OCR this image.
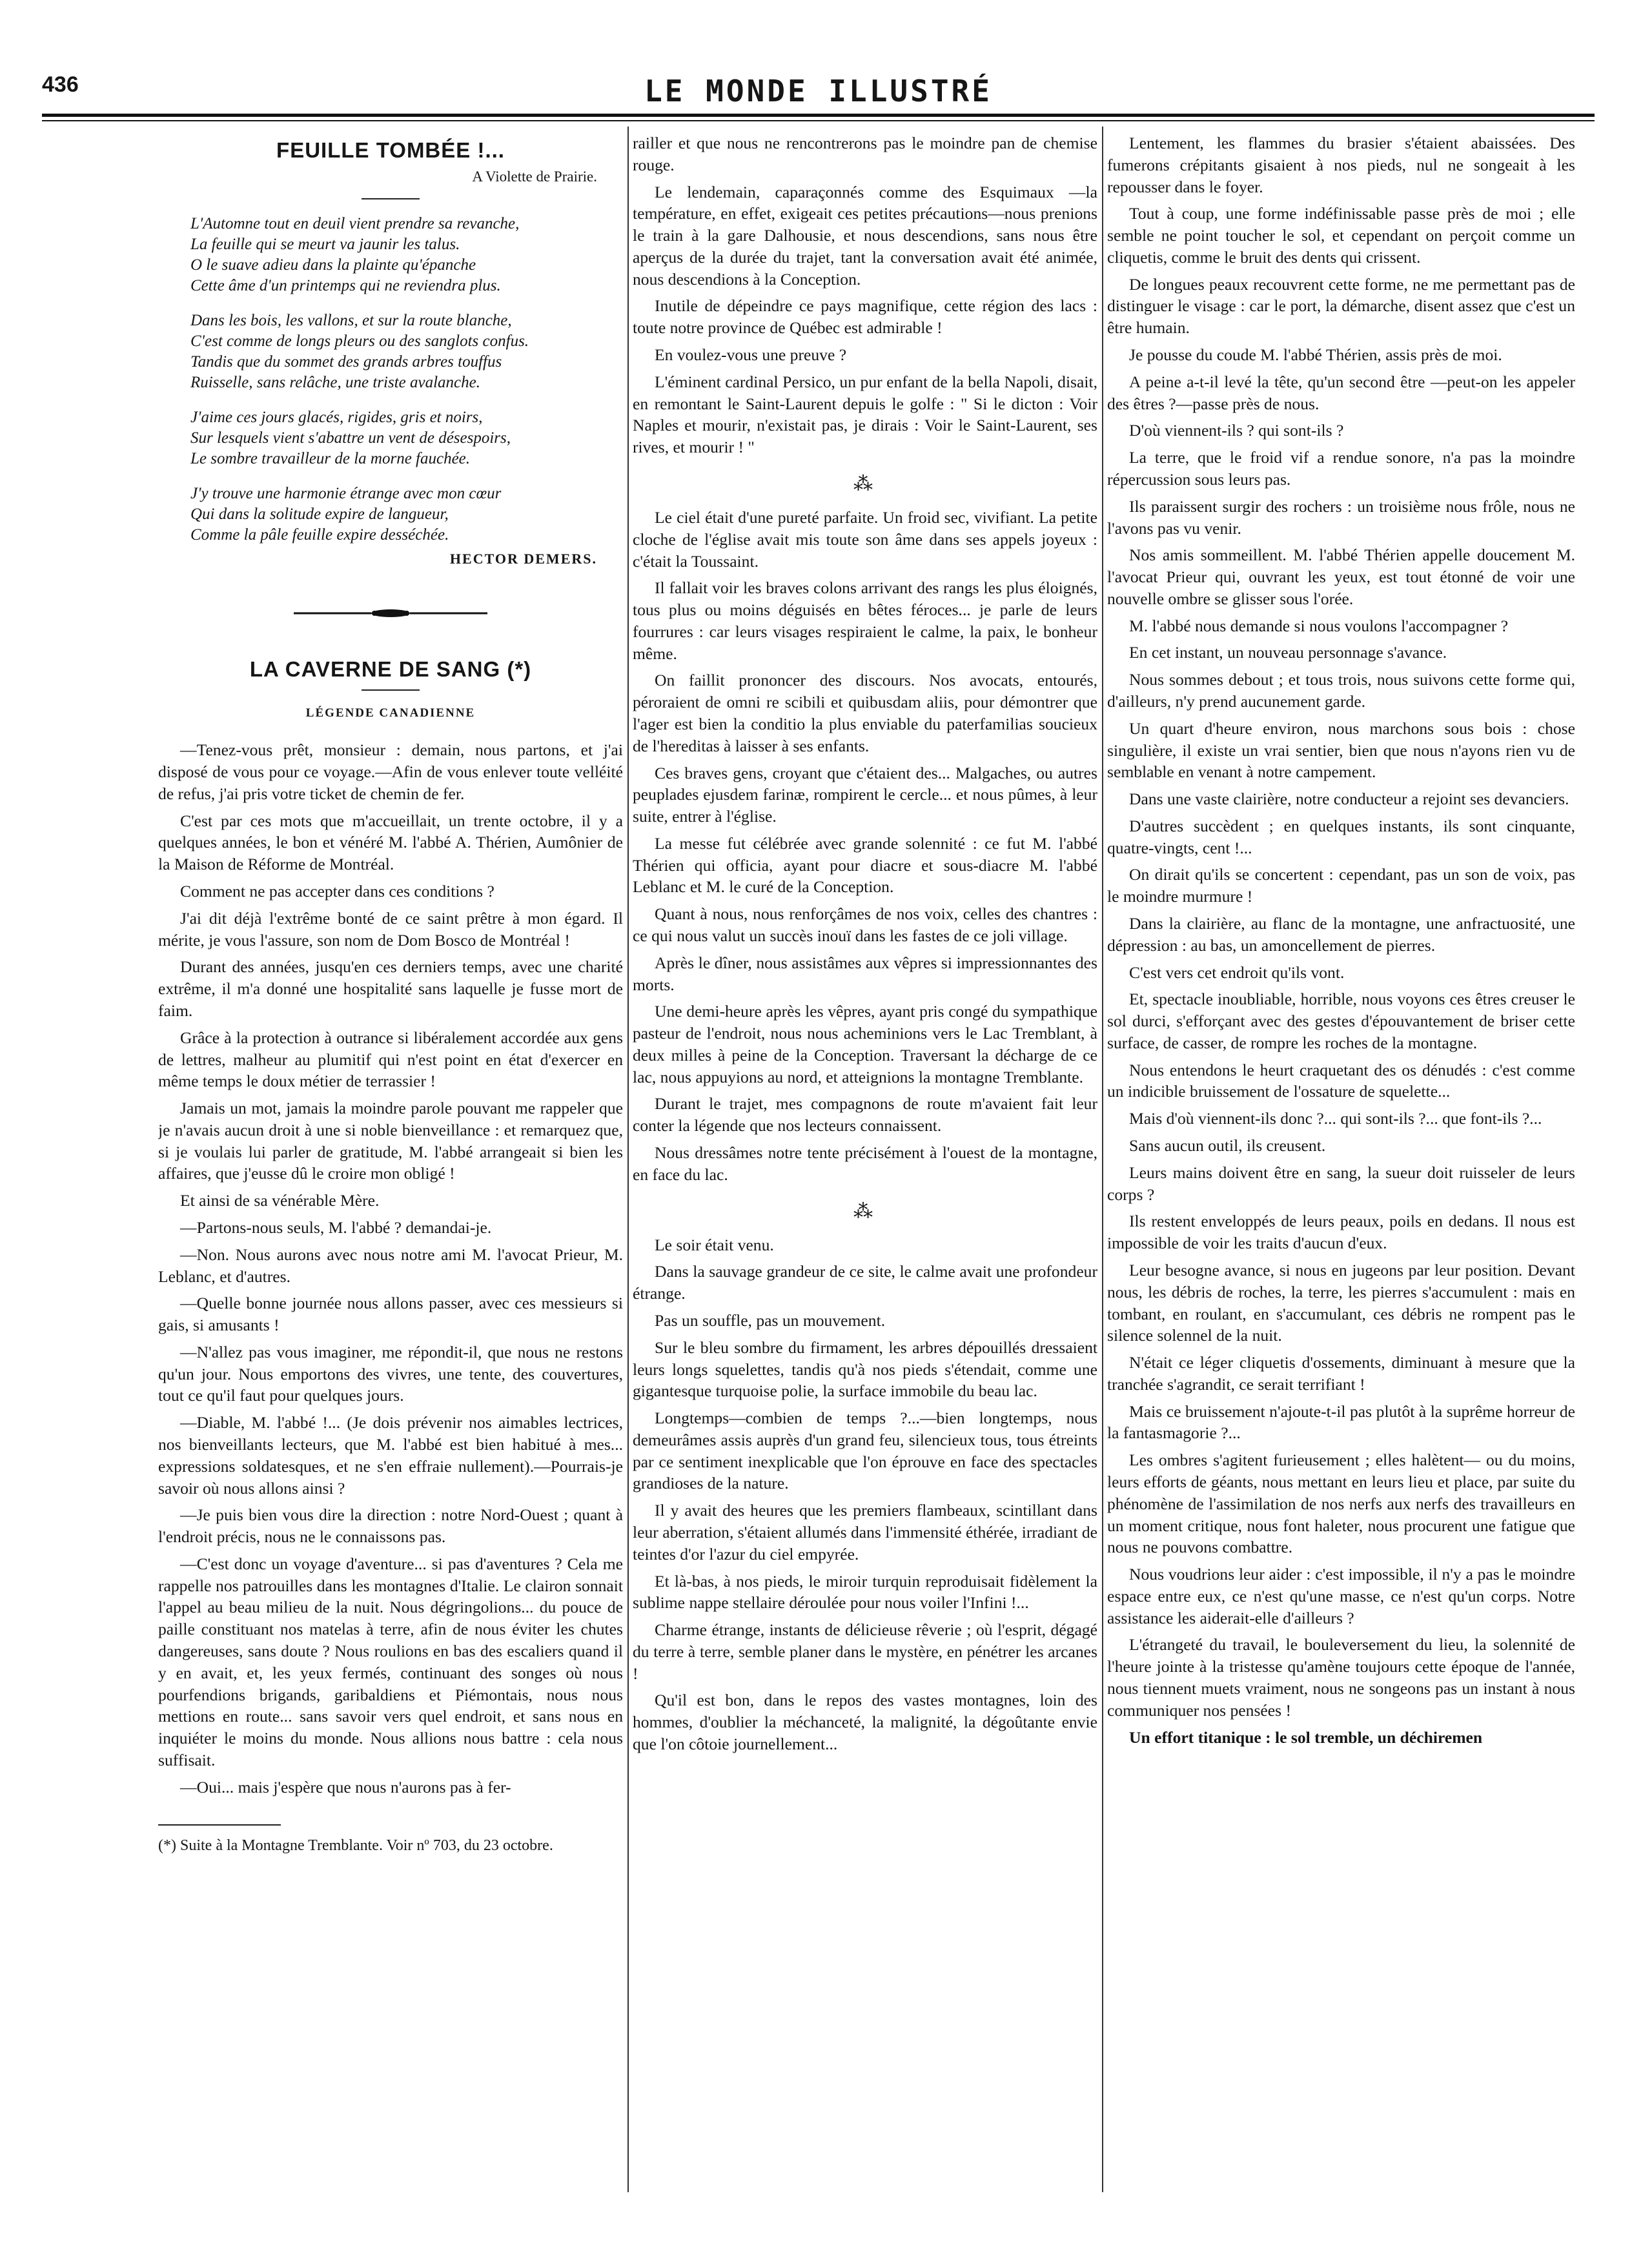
436	LE MONDE ILLUSTRÉ
FEUILLE TOMBÉE !...
A Violette de Prairie.
L'Automne tout en deuil vient prendre sa revanche,
La feuille qui se meurt va jaunir les talus.
O le suave adieu dans la plainte qu'épanche
Cette âme d'un printemps qui ne reviendra plus.
Dans les bois, les vallons, et sur la route blanche,
C'est comme de longs pleurs ou des sanglots confus.
Tandis que du sommet des grands arbres touffus
Ruisselle, sans relâche, une triste avalanche.
J'aime ces jours glacés, rigides, gris et noirs,
Sur lesquels vient s'abattre un vent de désespoirs,
Le sombre travailleur de la morne fauchée.
J'y trouve une harmonie étrange avec mon cœur
Qui dans la solitude expire de langueur,
Comme la pâle feuille expire desséchée.
HECTOR DEMERS.
LA CAVERNE DE SANG (*)
LÉGENDE CANADIENNE

—Tenez-vous prêt, monsieur : demain, nous partons, et j'ai disposé de vous pour ce voyage.—Afin de vous enlever toute velléité de refus, j'ai pris votre ticket de chemin de fer.

C'est par ces mots que m'accueillait, un trente octobre, il y a quelques années, le bon et vénéré M. l'abbé A. Thérien, Aumônier de la Maison de Réforme de Montréal.

Comment ne pas accepter dans ces conditions ?

J'ai dit déjà l'extrême bonté de ce saint prêtre à mon égard. Il mérite, je vous l'assure, son nom de Dom Bosco de Montréal !

Durant des années, jusqu'en ces derniers temps, avec une charité extrême, il m'a donné une hospitalité sans laquelle je fusse mort de faim.

Grâce à la protection à outrance si libéralement accordée aux gens de lettres, malheur au plumitif qui n'est point en état d'exercer en même temps le doux métier de terrassier !

Jamais un mot, jamais la moindre parole pouvant me rappeler que je n'avais aucun droit à une si noble bienveillance : et remarquez que, si je voulais lui parler de gratitude, M. l'abbé arrangeait si bien les affaires, que j'eusse dû le croire mon obligé !

Et ainsi de sa vénérable Mère.

—Partons-nous seuls, M. l'abbé ? demandai-je.

—Non. Nous aurons avec nous notre ami M. l'avocat Prieur, M. Leblanc, et d'autres.

—Quelle bonne journée nous allons passer, avec ces messieurs si gais, si amusants !

—N'allez pas vous imaginer, me répondit-il, que nous ne restons qu'un jour. Nous emportons des vivres, une tente, des couvertures, tout ce qu'il faut pour quelques jours.

—Diable, M. l'abbé !... (Je dois prévenir nos aimables lectrices, nos bienveillants lecteurs, que M. l'abbé est bien habitué à mes... expressions soldatesques, et ne s'en effraie nullement).—Pourrais-je savoir où nous allons ainsi ?

—Je puis bien vous dire la direction : notre Nord-Ouest ; quant à l'endroit précis, nous ne le connaissons pas.

—C'est donc un voyage d'aventure... si pas d'aventures ? Cela me rappelle nos patrouilles dans les montagnes d'Italie. Le clairon sonnait l'appel au beau milieu de la nuit. Nous dégringolions... du pouce de paille constituant nos matelas à terre, afin de nous éviter les chutes dangereuses, sans doute ? Nous roulions en bas des escaliers quand il y en avait, et, les yeux fermés, continuant des songes où nous pourfendions brigands, garibaldiens et Piémontais, nous nous mettions en route... sans savoir vers quel endroit, et sans nous en inquiéter le moins du monde. Nous allions nous battre : cela nous suffisait.

—Oui... mais j'espère que nous n'aurons pas à fer-

(*) Suite à la Montagne Tremblante. Voir nº 703, du 23 octobre.

railler et que nous ne rencontrerons pas le moindre pan de chemise rouge.

Le lendemain, caparaçonnés comme des Esquimaux —la température, en effet, exigeait ces petites précautions—nous prenions le train à la gare Dalhousie, et nous descendions, sans nous être aperçus de la durée du trajet, tant la conversation avait été animée, nous descendions à la Conception.

Inutile de dépeindre ce pays magnifique, cette région des lacs : toute notre province de Québec est admirable !

En voulez-vous une preuve ?

L'éminent cardinal Persico, un pur enfant de la bella Napoli, disait, en remontant le Saint-Laurent depuis le golfe : " Si le dicton : Voir Naples et mourir, n'existait pas, je dirais : Voir le Saint-Laurent, ses rives, et mourir ! "

⁂

Le ciel était d'une pureté parfaite. Un froid sec, vivifiant. La petite cloche de l'église avait mis toute son âme dans ses appels joyeux : c'était la Toussaint.

Il fallait voir les braves colons arrivant des rangs les plus éloignés, tous plus ou moins déguisés en bêtes féroces... je parle de leurs fourrures : car leurs visages respiraient le calme, la paix, le bonheur même.

On faillit prononcer des discours. Nos avocats, entourés, péroraient de omni re scibili et quibusdam aliis, pour démontrer que l'ager est bien la conditio la plus enviable du paterfamilias soucieux de l'hereditas à laisser à ses enfants.

Ces braves gens, croyant que c'étaient des... Malgaches, ou autres peuplades ejusdem farinæ, rompirent le cercle... et nous pûmes, à leur suite, entrer à l'église.

La messe fut célébrée avec grande solennité : ce fut M. l'abbé Thérien qui officia, ayant pour diacre et sous-diacre M. l'abbé Leblanc et M. le curé de la Conception.

Quant à nous, nous renforçâmes de nos voix, celles des chantres : ce qui nous valut un succès inouï dans les fastes de ce joli village.

Après le dîner, nous assistâmes aux vêpres si impressionnantes des morts.

Une demi-heure après les vêpres, ayant pris congé du sympathique pasteur de l'endroit, nous nous acheminions vers le Lac Tremblant, à deux milles à peine de la Conception. Traversant la décharge de ce lac, nous appuyions au nord, et atteignions la montagne Tremblante.

Durant le trajet, mes compagnons de route m'avaient fait leur conter la légende que nos lecteurs connaissent.

Nous dressâmes notre tente précisément à l'ouest de la montagne, en face du lac.

⁂

Le soir était venu.

Dans la sauvage grandeur de ce site, le calme avait une profondeur étrange.

Pas un souffle, pas un mouvement.

Sur le bleu sombre du firmament, les arbres dépouillés dressaient leurs longs squelettes, tandis qu'à nos pieds s'étendait, comme une gigantesque turquoise polie, la surface immobile du beau lac.

Longtemps—combien de temps ?...—bien longtemps, nous demeurâmes assis auprès d'un grand feu, silencieux tous, tous étreints par ce sentiment inexplicable que l'on éprouve en face des spectacles grandioses de la nature.

Il y avait des heures que les premiers flambeaux, scintillant dans leur aberration, s'étaient allumés dans l'immensité éthérée, irradiant de teintes d'or l'azur du ciel empyrée.

Et là-bas, à nos pieds, le miroir turquin reproduisait fidèlement la sublime nappe stellaire déroulée pour nous voiler l'Infini !...

Charme étrange, instants de délicieuse rêverie ; où l'esprit, dégagé du terre à terre, semble planer dans le mystère, en pénétrer les arcanes !

Qu'il est bon, dans le repos des vastes montagnes, loin des hommes, d'oublier la méchanceté, la malignité, la dégoûtante envie que l'on côtoie journellement...

Lentement, les flammes du brasier s'étaient abaissées. Des fumerons crépitants gisaient à nos pieds, nul ne songeait à les repousser dans le foyer.

Tout à coup, une forme indéfinissable passe près de moi ; elle semble ne point toucher le sol, et cependant on perçoit comme un cliquetis, comme le bruit des dents qui crissent.

De longues peaux recouvrent cette forme, ne me permettant pas de distinguer le visage : car le port, la démarche, disent assez que c'est un être humain.

Je pousse du coude M. l'abbé Thérien, assis près de moi.

A peine a-t-il levé la tête, qu'un second être —peut-on les appeler des êtres ?—passe près de nous.

D'où viennent-ils ? qui sont-ils ?

La terre, que le froid vif a rendue sonore, n'a pas la moindre répercussion sous leurs pas.

Ils paraissent surgir des rochers : un troisième nous frôle, nous ne l'avons pas vu venir.

Nos amis sommeillent. M. l'abbé Thérien appelle doucement M. l'avocat Prieur qui, ouvrant les yeux, est tout étonné de voir une nouvelle ombre se glisser sous l'orée.

M. l'abbé nous demande si nous voulons l'accompagner ?

En cet instant, un nouveau personnage s'avance.

Nous sommes debout ; et tous trois, nous suivons cette forme qui, d'ailleurs, n'y prend aucunement garde.

Un quart d'heure environ, nous marchons sous bois : chose singulière, il existe un vrai sentier, bien que nous n'ayons rien vu de semblable en venant à notre campement.

Dans une vaste clairière, notre conducteur a rejoint ses devanciers.

D'autres succèdent ; en quelques instants, ils sont cinquante, quatre-vingts, cent !...

On dirait qu'ils se concertent : cependant, pas un son de voix, pas le moindre murmure !

Dans la clairière, au flanc de la montagne, une anfractuosité, une dépression : au bas, un amoncellement de pierres.

C'est vers cet endroit qu'ils vont.

Et, spectacle inoubliable, horrible, nous voyons ces êtres creuser le sol durci, s'efforçant avec des gestes d'épouvantement de briser cette surface, de casser, de rompre les roches de la montagne.

Nous entendons le heurt craquetant des os dénudés : c'est comme un indicible bruissement de l'ossature de squelette...

Mais d'où viennent-ils donc ?... qui sont-ils ?... que font-ils ?...

Sans aucun outil, ils creusent.

Leurs mains doivent être en sang, la sueur doit ruisseler de leurs corps ?

Ils restent enveloppés de leurs peaux, poils en dedans. Il nous est impossible de voir les traits d'aucun d'eux.

Leur besogne avance, si nous en jugeons par leur position. Devant nous, les débris de roches, la terre, les pierres s'accumulent : mais en tombant, en roulant, en s'accumulant, ces débris ne rompent pas le silence solennel de la nuit.

N'était ce léger cliquetis d'ossements, diminuant à mesure que la tranchée s'agrandit, ce serait terrifiant !

Mais ce bruissement n'ajoute-t-il pas plutôt à la suprême horreur de la fantasmagorie ?...

Les ombres s'agitent furieusement ; elles halètent— ou du moins, leurs efforts de géants, nous mettant en leurs lieu et place, par suite du phénomène de l'assimilation de nos nerfs aux nerfs des travailleurs en un moment critique, nous font haleter, nous procurent une fatigue que nous ne pouvons combattre.

Nous voudrions leur aider : c'est impossible, il n'y a pas le moindre espace entre eux, ce n'est qu'une masse, ce n'est qu'un corps. Notre assistance les aiderait-elle d'ailleurs ?

L'étrangeté du travail, le bouleversement du lieu, la solennité de l'heure jointe à la tristesse qu'amène toujours cette époque de l'année, nous tiennent muets vraiment, nous ne songeons pas un instant à nous communiquer nos pensées !

Un effort titanique : le sol tremble, un déchiremen
